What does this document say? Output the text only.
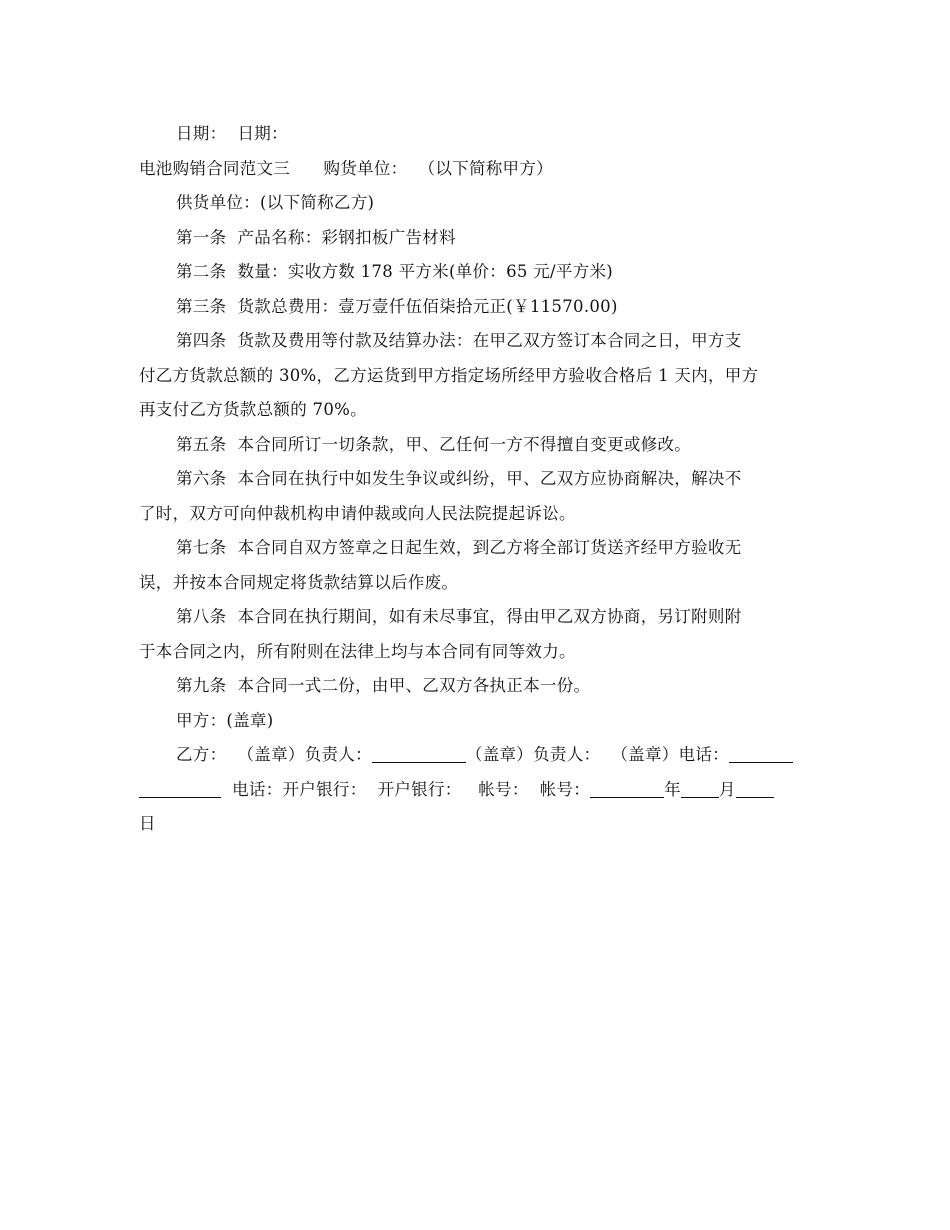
日期：  日期：
电池购销合同范文三      购货单位：  （以下简称甲方）
供货单位：(以下简称乙方)
第一条  产品名称：彩钢扣板广告材料
第二条  数量：实收方数 178 平方米(单价：65 元/平方米)
第三条  货款总费用：壹万壹仟伍佰柒拾元正(￥11570.00)
第四条  货款及费用等付款及结算办法：在甲乙双方签订本合同之日，甲方支
付乙方货款总额的 30%，乙方运货到甲方指定场所经甲方验收合格后 1 天内，甲方
再支付乙方货款总额的 70%。
第五条  本合同所订一切条款，甲、乙任何一方不得擅自变更或修改。
第六条  本合同在执行中如发生争议或纠纷，甲、乙双方应协商解决，解决不
了时，双方可向仲裁机构申请仲裁或向人民法院提起诉讼。
第七条  本合同自双方签章之日起生效，到乙方将全部订货送齐经甲方验收无
误，并按本合同规定将货款结算以后作废。
第八条  本合同在执行期间，如有未尽事宜，得由甲乙双方协商，另订附则附
于本合同之内，所有附则在法律上均与本合同有同等效力。
第九条  本合同一式二份，由甲、乙双方各执正本一份。
甲方：(盖章)
乙方：  （盖章）负责人：	（盖章）负责人：  （盖章）电话：
电话：开户银行：  开户银行：   帐号：  帐号：	年 月
日
